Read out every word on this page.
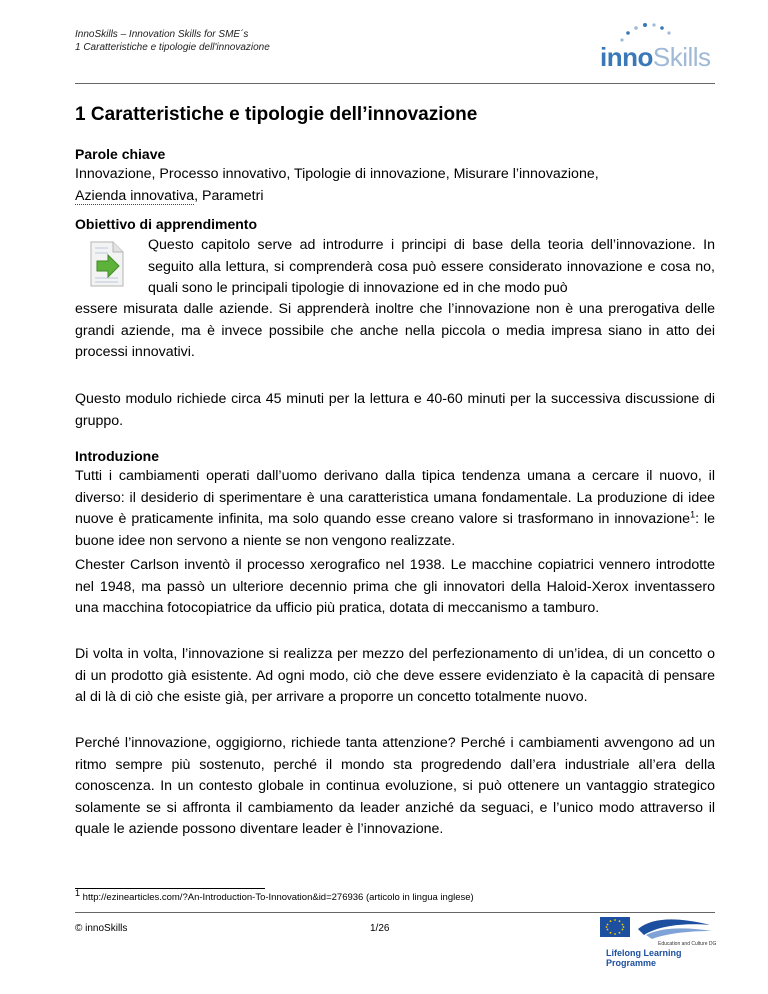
InnoSkills – Innovation Skills for SME´s
1 Caratteristiche e tipologie dell'innovazione	innoSkills
1 Caratteristiche e tipologie dell’innovazione
Parole chiave

Innovazione, Processo innovativo, Tipologie di innovazione, Misurare l’innovazione,
Azienda innovativa, Parametri

Obiettivo di apprendimento

Questo capitolo serve ad introdurre i principi di base della teoria dell’innovazione. In seguito alla lettura, si comprenderà cosa può essere considerato innovazione e cosa no, quali sono le principali tipologie di innovazione ed in che modo può

essere misurata dalle aziende. Si apprenderà inoltre che l’innovazione non è una prerogativa delle grandi aziende, ma è invece possibile che anche nella piccola o media impresa siano in atto dei processi innovativi.

Questo modulo richiede circa 45 minuti per la lettura e 40-60 minuti per la successiva discussione di gruppo.

Introduzione

Tutti i cambiamenti operati dall’uomo derivano dalla tipica tendenza umana a cercare il nuovo, il diverso: il desiderio di sperimentare è una caratteristica umana fondamentale. La produzione di idee nuove è praticamente infinita, ma solo quando esse creano valore si trasformano in innovazione$^1$: le buone idee non servono a niente se non vengono realizzate.

Chester Carlson inventò il processo xerografico nel 1938. Le macchine copiatrici vennero introdotte nel 1948, ma passò un ulteriore decennio prima che gli innovatori della Haloid-Xerox inventassero una macchina fotocopiatrice da ufficio più pratica, dotata di meccanismo a tamburo.

Di volta in volta, l’innovazione si realizza per mezzo del perfezionamento di un’idea, di un concetto o di un prodotto già esistente. Ad ogni modo, ciò che deve essere evidenziato è la capacità di pensare al di là di ciò che esiste già, per arrivare a proporre un concetto totalmente nuovo.

Perché l’innovazione, oggigiorno, richiede tanta attenzione? Perché i cambiamenti avvengono ad un ritmo sempre più sostenuto, perché il mondo sta progredendo dall’era industriale all’era della conoscenza. In un contesto globale in continua evoluzione, si può ottenere un vantaggio strategico solamente se si affronta il cambiamento da leader anziché da seguaci, e l’unico modo attraverso il quale le aziende possono diventare leader è l’innovazione.

$^1$ http://ezinearticles.com/?An-Introduction-To-Innovation&id=276936 (articolo in lingua inglese)
© innoSkills	1/26
Education and Culture DG
Lifelong Learning Programme
